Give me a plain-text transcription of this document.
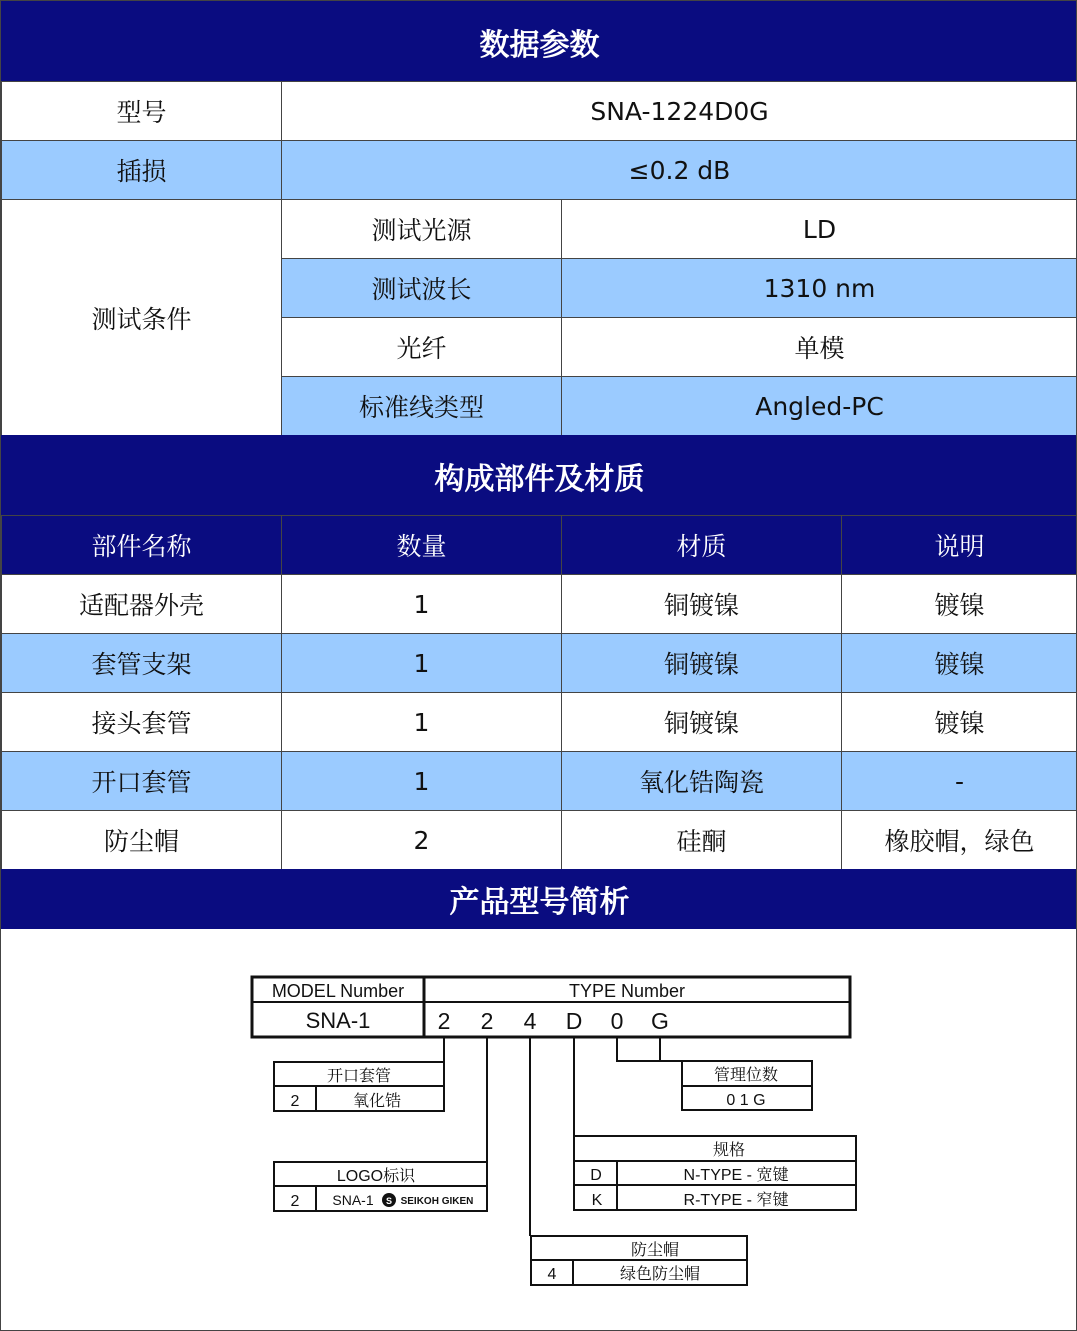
数据参数
型号	SNA-1224D0G	
插损	≤0.2 dB	
测试条件	测试光源	LD
	测试波长	1310 nm
	光纤	单模
	标准线类型	Angled-PC
构成部件及材质
部件名称	数量	材质	说明
适配器外壳	1	铜镀镍	镀镍
套管支架	1	铜镀镍	镀镍
接头套管	1	铜镀镍	镀镍
开口套管	1	氧化锆陶瓷	-
防尘帽	2	硅酮	橡胶帽，绿色
产品型号简析
MODEL Number	TYPE Number
SNA-1	2 2 4 D 0 G
开口套管
2	氧化锆
LOGO标识
2 SNA-1 S SEIKOH GIKEN
防尘帽
4	绿色防尘帽
规格
D	N-TYPE - 宽键
K	R-TYPE - 窄键
管理位数
0 1 G
